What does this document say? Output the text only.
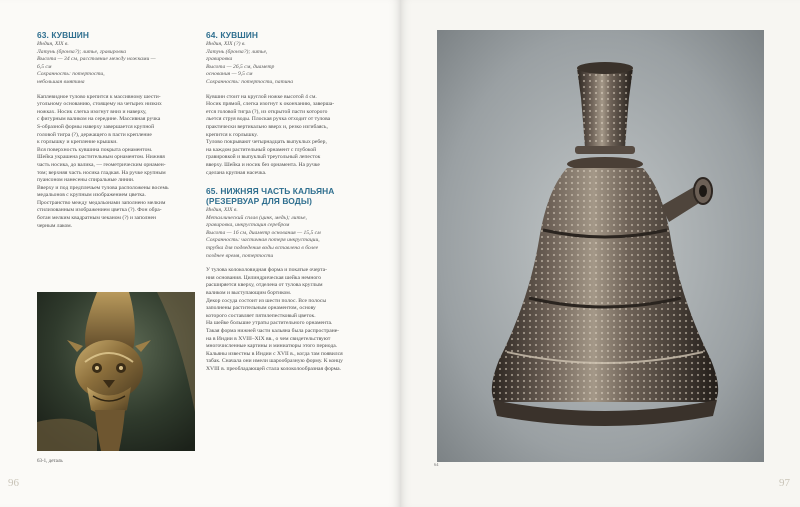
63. КУВШИН
Индия, XIX в.
Латунь (бронза?); литье, гравировка
Высота — 34 см, расстояние между ножками —
6,5 см
Сохранность: потертости,
небольшая вмятина

Каплевидное тулово крепится к массивному шести-

угольному основанию, стоящему на четырех низких

ножках. Носик слегка изогнут вниз и наверху,

с фигурным валиком на середине. Массивная ручка

S-образной формы наверху завершается крупной

головой тигра (?), держащего в пасти крепление

к горлышку и крепление крышки.

Вся поверхность кувшина покрыта орнаментом.

Шейка украшена растительным орнаментом. Нижняя

часть носика, до валика, — геометрическим орнамен-

том; верхняя часть носика гладкая. На ручке крупным

пуансоном нанесены спиральные линии.

Вверху и под предплечьем тулова расположены восемь

медальонов с крупным изображением цветка.

Пространство между медальонами заполнено мелким

стилизованным изображением цветка (?). Фон обра-

ботан мелким квадратным чеканом (?) и заполнен

черным лаком.

63-1, деталь
96
64. КУВШИН
Индия, XIX (?) в.
Латунь (бронза?); литье,
гравировка
Высота — 26,5 см, диаметр
основания — 9,5 см
Сохранность: потертости, патина

Кувшин стоит на круглой ножке высотой 4 см.

Носик прямой, слегка изогнут к окончанию, заверша-

ется головой тигра (?), из открытой пасти которого

льется струя воды. Плоская ручка отходит от тулова

практически вертикально вверх и, резко изгибаясь,

крепится к горлышку.

Тулово покрывают четырнадцать выпуклых ребер,

на каждом растительный орнамент с глубокой

гравировкой и выпуклый треугольный лепесток

вверху. Шейка и носик без орнамента. На ручке

сделана крупная насечка.

65. НИЖНЯЯ ЧАСТЬ КАЛЬЯНА
(РЕЗЕРВУАР ДЛЯ ВОДЫ)
Индия, XIX в.
Металлический сплав (цинк, медь); литье,
гравировка, инкрустация серебром
Высота — 16 см, диаметр основания — 15,5 см
Сохранность: частичная потеря инкрустации,
трубка для подведения воды вставлена в более
позднее время, потертости

У тулова колоколовидная форма и покатые очерта-

ния основания. Цилиндрическая шейка немного

расширяется кверху, отделена от тулова круглым

валиком и выступающим бортиком.

Декор сосуда состоит из шести полос. Все полосы

заполнены растительным орнаментом, основу

которого составляет пятилепестковый цветок.

На шейке большие утраты растительного орнамента.

Такая форма нижней части кальяна была распростране-

на в Индии в XVIII–XIX вв., о чем свидетельствуют

многочисленные картины и миниатюры этого периода.

Кальяны известны в Индии с XVII в., когда там появился

табак. Сначала они имели шарообразную форму. К концу

XVIII в. преобладающей стала колоколообразная форма.

64
97
